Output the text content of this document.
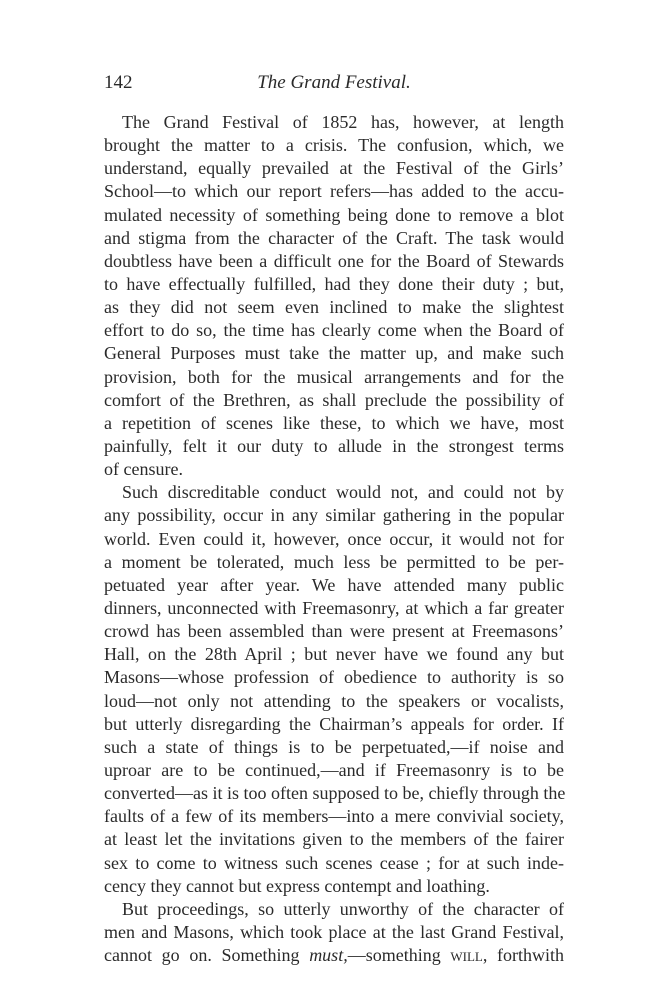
142	The Grand Festival.
The Grand Festival of 1852 has, however, at length
brought the matter to a crisis. The confusion, which, we
understand, equally prevailed at the Festival of the Girls’
School—to which our report refers—has added to the accu-
mulated necessity of something being done to remove a blot
and stigma from the character of the Craft. The task would
doubtless have been a difficult one for the Board of Stewards
to have effectually fulfilled, had they done their duty ; but,
as they did not seem even inclined to make the slightest
effort to do so, the time has clearly come when the Board of
General Purposes must take the matter up, and make such
provision, both for the musical arrangements and for the
comfort of the Brethren, as shall preclude the possibility of
a repetition of scenes like these, to which we have, most
painfully, felt it our duty to allude in the strongest terms
of censure.
Such discreditable conduct would not, and could not by
any possibility, occur in any similar gathering in the popular
world. Even could it, however, once occur, it would not for
a moment be tolerated, much less be permitted to be per-
petuated year after year. We have attended many public
dinners, unconnected with Freemasonry, at which a far greater
crowd has been assembled than were present at Freemasons’
Hall, on the 28th April ; but never have we found any but
Masons—whose profession of obedience to authority is so
loud—not only not attending to the speakers or vocalists,
but utterly disregarding the Chairman’s appeals for order. If
such a state of things is to be perpetuated,—if noise and
uproar are to be continued,—and if Freemasonry is to be
converted—as it is too often supposed to be, chiefly through the
faults of a few of its members—into a mere convivial society,
at least let the invitations given to the members of the fairer
sex to come to witness such scenes cease ; for at such inde-
cency they cannot but express contempt and loathing.
But proceedings, so utterly unworthy of the character of
men and Masons, which took place at the last Grand Festival,
cannot go on. Something must,—something will, forthwith
